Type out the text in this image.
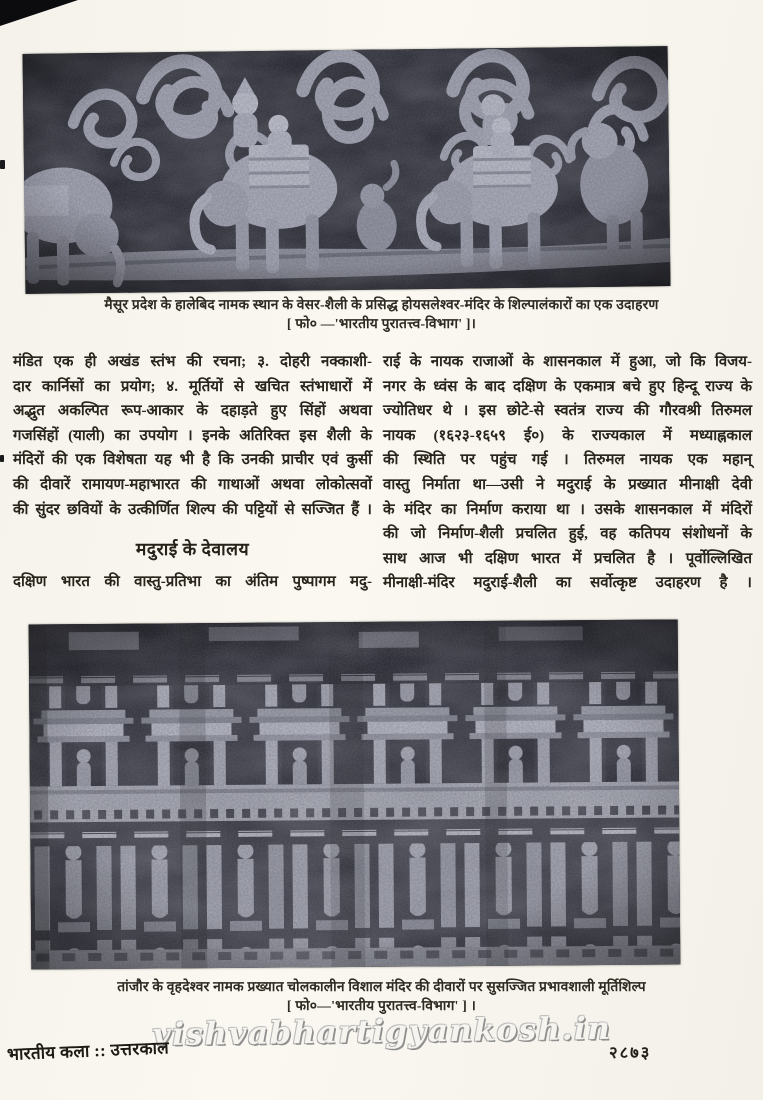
मैसूर प्रदेश के हालेबिद नामक स्थान के वेसर-शैली के प्रसिद्ध होयसलेश्वर-मंदिर के शिल्पालंकारों का एक उदाहरण
[ फो० —'भारतीय पुरातत्त्व-विभाग' ]।
मंडित एक ही अखंड स्तंभ की रचना; ३. दोहरी नक्काशी-
दार कार्निसों का प्रयोग; ४. मूर्तियों से खचित स्तंभाधारों में
अद्भुत अकल्पित रूप-आकार के दहाड़ते हुए सिंहों अथवा
गजसिंहों (याली) का उपयोग । इनके अतिरिक्त इस शैली के
मंदिरों की एक विशेषता यह भी है कि उनकी प्राचीर एवं कुर्सी
की दीवारें रामायण-महाभारत की गाथाओं अथवा लोकोत्सवों
की सुंदर छवियों के उत्कीर्णित शिल्प की पट्टियों से सज्जित हैं ।
मदुराई के देवालय
दक्षिण भारत की वास्तु-प्रतिभा का अंतिम पुष्पागम मदु-
राई के नायक राजाओं के शासनकाल में हुआ, जो कि विजय-
नगर के ध्वंस के बाद दक्षिण के एकमात्र बचे हुए हिन्दू राज्य के
ज्योतिधर थे । इस छोटे-से स्वतंत्र राज्य की गौरवश्री तिरुमल
नायक (१६२३-१६५९ ई०) के राज्यकाल में मध्याह्नकाल
की स्थिति पर पहुंच गई । तिरुमल नायक एक महान्
वास्तु निर्माता था—उसी ने मदुराई के प्रख्यात मीनाक्षी देवी
के मंदिर का निर्माण कराया था । उसके शासनकाल में मंदिरों
की जो निर्माण-शैली प्रचलित हुई, वह कतिपय संशोधनों के
साथ आज भी दक्षिण भारत में प्रचलित है । पूर्वोल्लिखित
मीनाक्षी-मंदिर मदुराई-शैली का सर्वोत्कृष्ट उदाहरण है ।
तांजौर के वृहदेश्वर नामक प्रख्यात चोलकालीन विशाल मंदिर की दीवारों पर सुसज्जित प्रभावशाली मूर्तिशिल्प
[ फो०—'भारतीय पुरातत्त्व-विभाग' ] ।
vishvabhartigyankosh.in
भारतीय कला :: उत्तरकाल	२८७३
